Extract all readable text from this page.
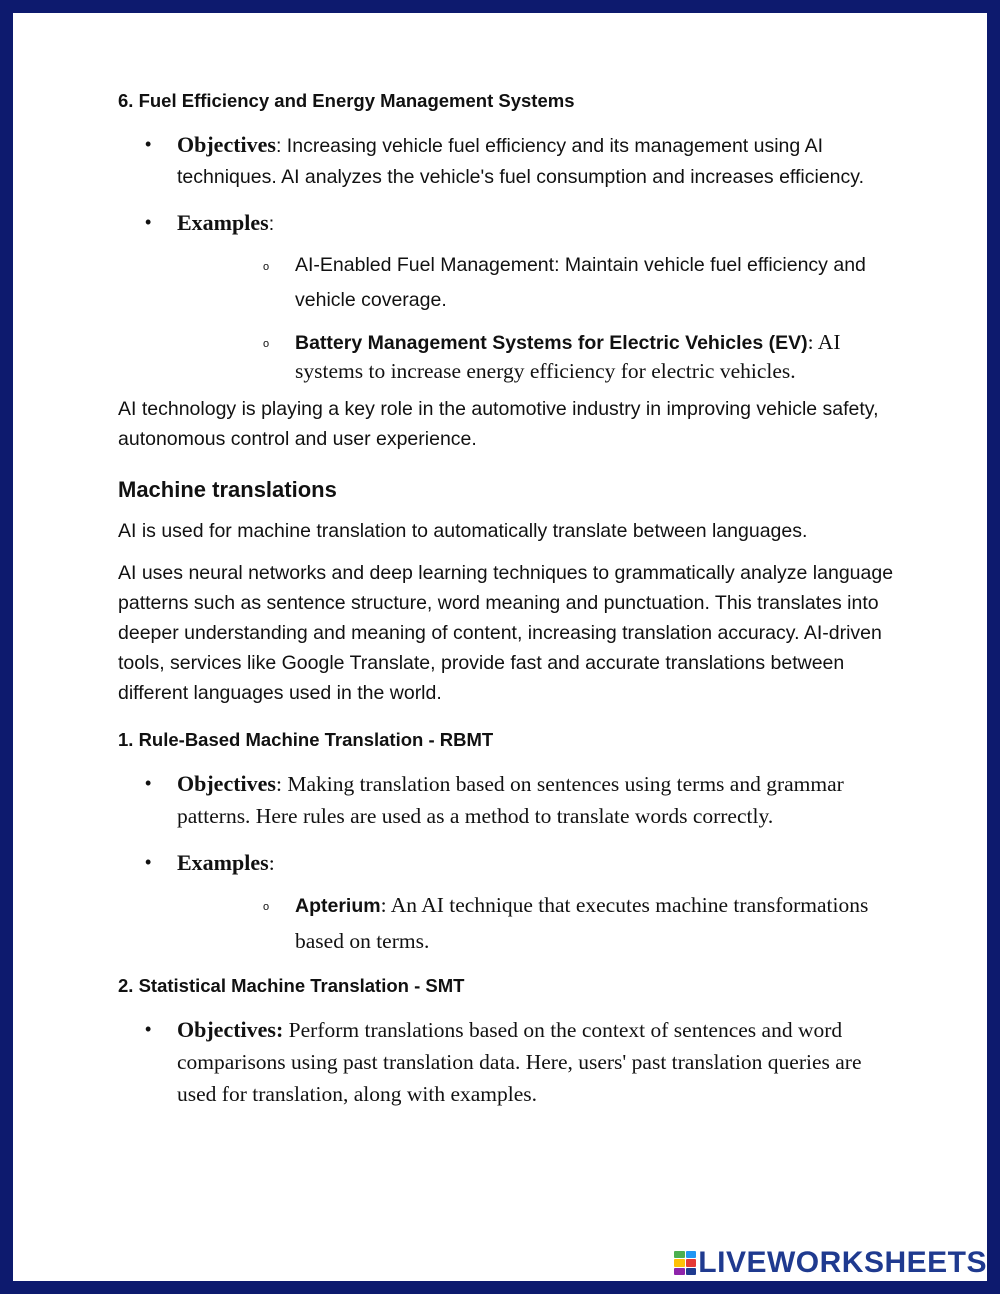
6. Fuel Efficiency and Energy Management Systems
• Objectives: Increasing vehicle fuel efficiency and its management using AI techniques. AI analyzes the vehicle's fuel consumption and increases efficiency.
• Examples:
o AI-Enabled Fuel Management: Maintain vehicle fuel efficiency and vehicle coverage.
o Battery Management Systems for Electric Vehicles (EV): AI systems to increase energy efficiency for electric vehicles.

AI technology is playing a key role in the automotive industry in improving vehicle safety, autonomous control and user experience.

Machine translations

AI is used for machine translation to automatically translate between languages.

AI uses neural networks and deep learning techniques to grammatically analyze language patterns such as sentence structure, word meaning and punctuation. This translates into deeper understanding and meaning of content, increasing translation accuracy. AI-driven tools, services like Google Translate, provide fast and accurate translations between different languages used in the world.

1. Rule-Based Machine Translation - RBMT
• Objectives: Making translation based on sentences using terms and grammar patterns. Here rules are used as a method to translate words correctly.
• Examples:
o Apterium: An AI technique that executes machine transformations based on terms.
2. Statistical Machine Translation - SMT
• Objectives: Perform translations based on the context of sentences and word comparisons using past translation data. Here, users' past translation queries are used for translation, along with examples.
LIVEWORKSHEETS
